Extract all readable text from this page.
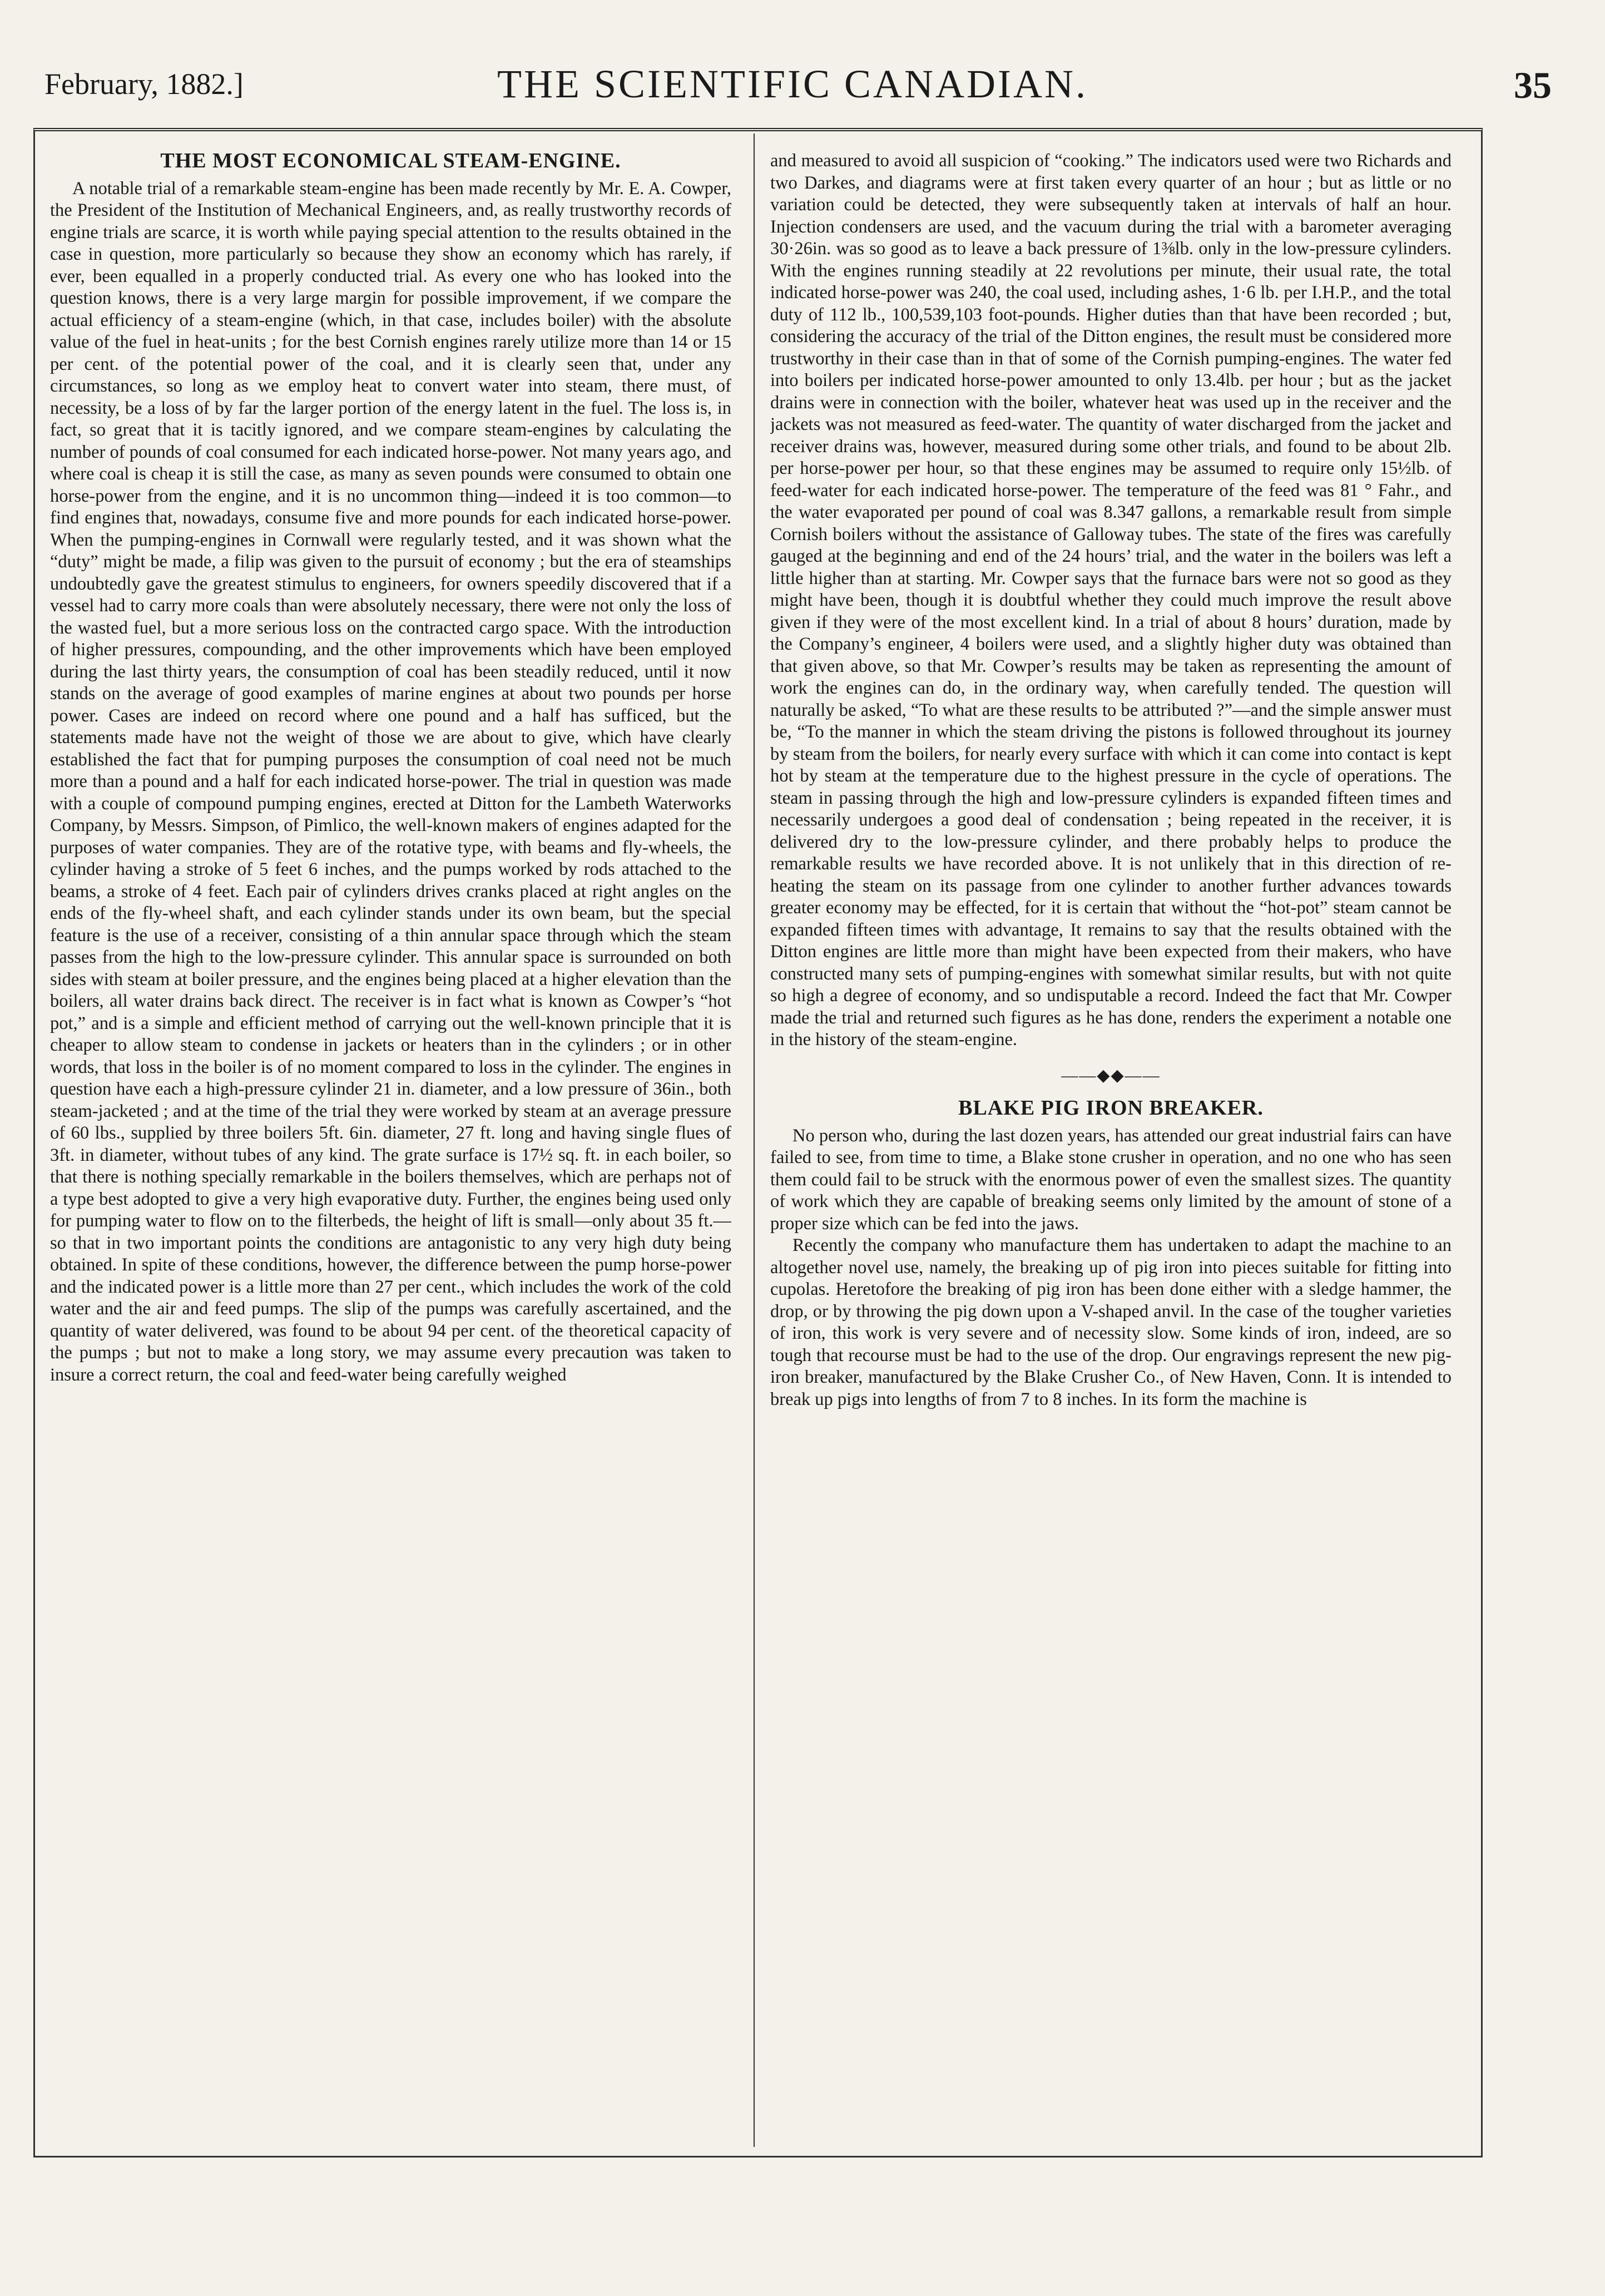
February, 1882.]	THE SCIENTIFIC CANADIAN.	35
THE MOST ECONOMICAL STEAM-ENGINE.

A notable trial of a remarkable steam-engine has been made recently by Mr. E. A. Cowper, the President of the Institution of Mechanical Engineers, and, as really trustworthy records of engine trials are scarce, it is worth while paying special attention to the results obtained in the case in question, more particularly so because they show an economy which has rarely, if ever, been equalled in a properly conducted trial. As every one who has looked into the question knows, there is a very large margin for possible improvement, if we compare the actual efficiency of a steam-engine (which, in that case, includes boiler) with the absolute value of the fuel in heat-units ; for the best Cornish engines rarely utilize more than 14 or 15 per cent. of the potential power of the coal, and it is clearly seen that, under any circumstances, so long as we employ heat to convert water into steam, there must, of necessity, be a loss of by far the larger portion of the energy latent in the fuel. The loss is, in fact, so great that it is tacitly ignored, and we compare steam-engines by calculating the number of pounds of coal consumed for each indicated horse-power. Not many years ago, and where coal is cheap it is still the case, as many as seven pounds were consumed to obtain one horse-power from the engine, and it is no uncommon thing—indeed it is too common—to find engines that, nowadays, consume five and more pounds for each indicated horse-power. When the pumping-engines in Cornwall were regularly tested, and it was shown what the “duty” might be made, a filip was given to the pursuit of economy ; but the era of steamships undoubtedly gave the greatest stimulus to engineers, for owners speedily discovered that if a vessel had to carry more coals than were absolutely necessary, there were not only the loss of the wasted fuel, but a more serious loss on the contracted cargo space. With the introduction of higher pressures, compounding, and the other improvements which have been employed during the last thirty years, the consumption of coal has been steadily reduced, until it now stands on the average of good examples of marine engines at about two pounds per horse power. Cases are indeed on record where one pound and a half has sufficed, but the statements made have not the weight of those we are about to give, which have clearly established the fact that for pumping purposes the consumption of coal need not be much more than a pound and a half for each indicated horse-power. The trial in question was made with a couple of compound pumping engines, erected at Ditton for the Lambeth Waterworks Company, by Messrs. Simpson, of Pimlico, the well-known makers of engines adapted for the purposes of water companies. They are of the rotative type, with beams and fly-wheels, the cylinder having a stroke of 5 feet 6 inches, and the pumps worked by rods attached to the beams, a stroke of 4 feet. Each pair of cylinders drives cranks placed at right angles on the ends of the fly-wheel shaft, and each cylinder stands under its own beam, but the special feature is the use of a receiver, consisting of a thin annular space through which the steam passes from the high to the low-pressure cylinder. This annular space is surrounded on both sides with steam at boiler pressure, and the engines being placed at a higher elevation than the boilers, all water drains back direct. The receiver is in fact what is known as Cowper’s “hot pot,” and is a simple and efficient method of carrying out the well-known principle that it is cheaper to allow steam to condense in jackets or heaters than in the cylinders ; or in other words, that loss in the boiler is of no moment compared to loss in the cylinder. The engines in question have each a high-pressure cylinder 21 in. diameter, and a low pressure of 36in., both steam-jacketed ; and at the time of the trial they were worked by steam at an average pressure of 60 lbs., supplied by three boilers 5ft. 6in. diameter, 27 ft. long and having single flues of 3ft. in diameter, without tubes of any kind. The grate surface is 17½ sq. ft. in each boiler, so that there is nothing specially remarkable in the boilers themselves, which are perhaps not of a type best adopted to give a very high evaporative duty. Further, the engines being used only for pumping water to flow on to the filterbeds, the height of lift is small—only about 35 ft.—so that in two important points the conditions are antagonistic to any very high duty being obtained. In spite of these conditions, however, the difference between the pump horse-power and the indicated power is a little more than 27 per cent., which includes the work of the cold water and the air and feed pumps. The slip of the pumps was carefully ascertained, and the quantity of water delivered, was found to be about 94 per cent. of the theoretical capacity of the pumps ; but not to make a long story, we may assume every precaution was taken to insure a correct return, the coal and feed-water being carefully weighed

and measured to avoid all suspicion of “cooking.” The indicators used were two Richards and two Darkes, and diagrams were at first taken every quarter of an hour ; but as little or no variation could be detected, they were subsequently taken at intervals of half an hour. Injection condensers are used, and the vacuum during the trial with a barometer averaging 30·26in. was so good as to leave a back pressure of 1⅜lb. only in the low-pressure cylinders. With the engines running steadily at 22 revolutions per minute, their usual rate, the total indicated horse-power was 240, the coal used, including ashes, 1·6 lb. per I.H.P., and the total duty of 112 lb., 100,539,103 foot-pounds. Higher duties than that have been recorded ; but, considering the accuracy of the trial of the Ditton engines, the result must be considered more trustworthy in their case than in that of some of the Cornish pumping-engines. The water fed into boilers per indicated horse-power amounted to only 13.4lb. per hour ; but as the jacket drains were in connection with the boiler, whatever heat was used up in the receiver and the jackets was not measured as feed-water. The quantity of water discharged from the jacket and receiver drains was, however, measured during some other trials, and found to be about 2lb. per horse-power per hour, so that these engines may be assumed to require only 15½lb. of feed-water for each indicated horse-power. The temperature of the feed was 81 ° Fahr., and the water evaporated per pound of coal was 8.347 gallons, a remarkable result from simple Cornish boilers without the assistance of Galloway tubes. The state of the fires was carefully gauged at the beginning and end of the 24 hours’ trial, and the water in the boilers was left a little higher than at starting. Mr. Cowper says that the furnace bars were not so good as they might have been, though it is doubtful whether they could much improve the result above given if they were of the most excellent kind. In a trial of about 8 hours’ duration, made by the Company’s engineer, 4 boilers were used, and a slightly higher duty was obtained than that given above, so that Mr. Cowper’s results may be taken as representing the amount of work the engines can do, in the ordinary way, when carefully tended. The question will naturally be asked, “To what are these results to be attributed ?”—and the simple answer must be, “To the manner in which the steam driving the pistons is followed throughout its journey by steam from the boilers, for nearly every surface with which it can come into contact is kept hot by steam at the temperature due to the highest pressure in the cycle of operations. The steam in passing through the high and low-pressure cylinders is expanded fifteen times and necessarily undergoes a good deal of condensation ; being repeated in the receiver, it is delivered dry to the low-pressure cylinder, and there probably helps to produce the remarkable results we have recorded above. It is not unlikely that in this direction of re-heating the steam on its passage from one cylinder to another further advances towards greater economy may be effected, for it is certain that without the “hot-pot” steam cannot be expanded fifteen times with advantage, It remains to say that the results obtained with the Ditton engines are little more than might have been expected from their makers, who have constructed many sets of pumping-engines with somewhat similar results, but with not quite so high a degree of economy, and so undisputable a record. Indeed the fact that Mr. Cowper made the trial and returned such figures as he has done, renders the experiment a notable one in the history of the steam-engine.

——◆◆——
BLAKE PIG IRON BREAKER.

No person who, during the last dozen years, has attended our great industrial fairs can have failed to see, from time to time, a Blake stone crusher in operation, and no one who has seen them could fail to be struck with the enormous power of even the smallest sizes. The quantity of work which they are capable of breaking seems only limited by the amount of stone of a proper size which can be fed into the jaws.

Recently the company who manufacture them has undertaken to adapt the machine to an altogether novel use, namely, the breaking up of pig iron into pieces suitable for fitting into cupolas. Heretofore the breaking of pig iron has been done either with a sledge hammer, the drop, or by throwing the pig down upon a V-shaped anvil. In the case of the tougher varieties of iron, this work is very severe and of necessity slow. Some kinds of iron, indeed, are so tough that recourse must be had to the use of the drop. Our engravings represent the new pig-iron breaker, manufactured by the Blake Crusher Co., of New Haven, Conn. It is intended to break up pigs into lengths of from 7 to 8 inches. In its form the machine is
